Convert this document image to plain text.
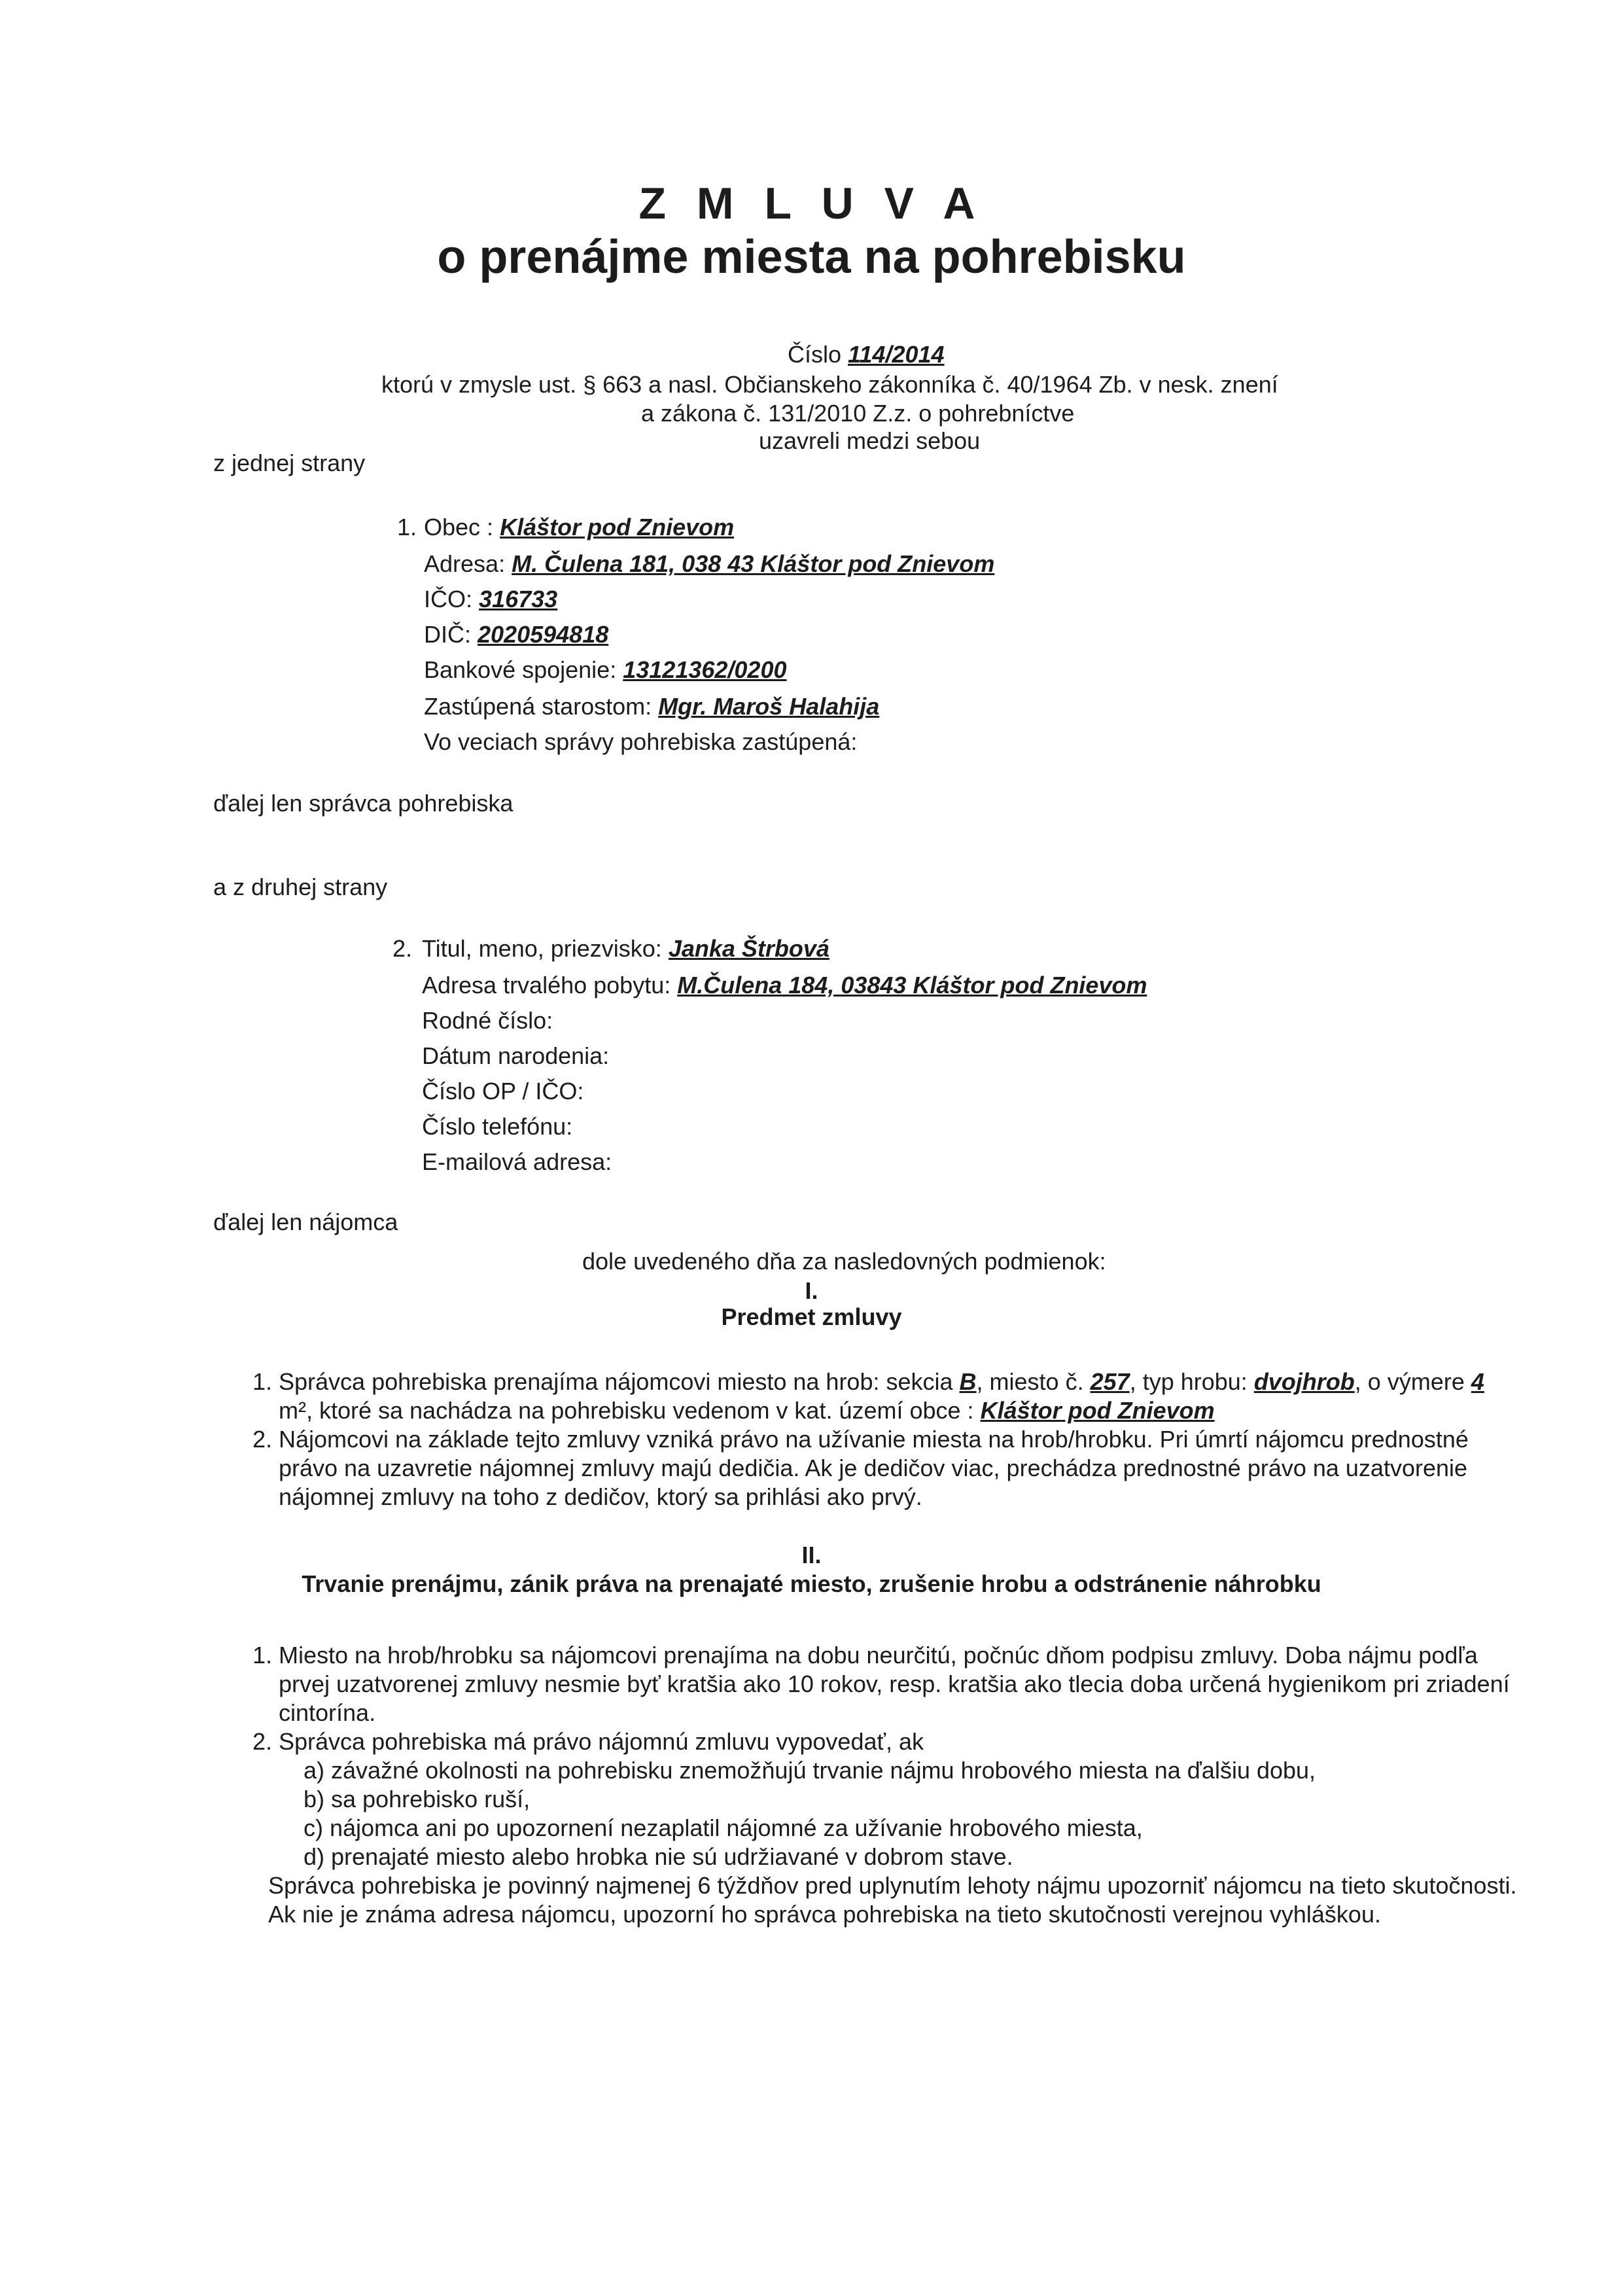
Z M L U V A
o prenájme miesta na pohrebisku
Číslo 114/2014
ktorú v zmysle ust. § 663 a nasl. Občianskeho zákonníka č. 40/1964 Zb. v nesk. znení
a zákona č. 131/2010 Z.z. o pohrebníctve
uzavreli medzi sebou
z jednej strany
1. Obec : Kláštor pod Znievom
Adresa: M. Čulena 181, 038 43 Kláštor pod Znievom
IČO: 316733
DIČ: 2020594818
Bankové spojenie: 13121362/0200
Zastúpená starostom: Mgr. Maroš Halahija
Vo veciach správy pohrebiska zastúpená:
ďalej len správca pohrebiska
a z druhej strany
2. Titul, meno, priezvisko: Janka Štrbová
Adresa trvalého pobytu: M.Čulena 184, 03843 Kláštor pod Znievom
Rodné číslo:
Dátum narodenia:
Číslo OP / IČO:
Číslo telefónu:
E-mailová adresa:
ďalej len nájomca
dole uvedeného dňa za nasledovných podmienok:
I.
Predmet zmluvy
1. Správca pohrebiska prenajíma nájomcovi miesto na hrob: sekcia B, miesto č. 257, typ hrobu: dvojhrob, o výmere 4 m², ktoré sa nachádza na pohrebisku vedenom v kat. území obce : Kláštor pod Znievom
2. Nájomcovi na základe tejto zmluvy vzniká právo na užívanie miesta na hrob/hrobku. Pri úmrtí nájomcu prednostné právo na uzavretie nájomnej zmluvy majú dedičia. Ak je dedičov viac, prechádza prednostné právo na uzatvorenie nájomnej zmluvy na toho z dedičov, ktorý sa prihlási ako prvý.
II.
Trvanie prenájmu, zánik práva na prenajaté miesto, zrušenie hrobu a odstránenie náhrobku
1. Miesto na hrob/hrobku sa nájomcovi prenajíma na dobu neurčitú, počnúc dňom podpisu zmluvy. Doba nájmu podľa prvej uzatvorenej zmluvy nesmie byť kratšia ako 10 rokov, resp. kratšia ako tlecia doba určená hygienikom pri zriadení cintorína.
2. Správca pohrebiska má právo nájomnú zmluvu vypovedať, ak
a) závažné okolnosti na pohrebisku znemožňujú trvanie nájmu hrobového miesta na ďalšiu dobu,
b) sa pohrebisko ruší,
c) nájomca ani po upozornení nezaplatil nájomné za užívanie hrobového miesta,
d) prenajaté miesto alebo hrobka nie sú udržiavané v dobrom stave.
Správca pohrebiska je povinný najmenej 6 týždňov pred uplynutím lehoty nájmu upozorniť nájomcu na tieto skutočnosti. Ak nie je známa adresa nájomcu, upozorní ho správca pohrebiska na tieto skutočnosti verejnou vyhláškou.
